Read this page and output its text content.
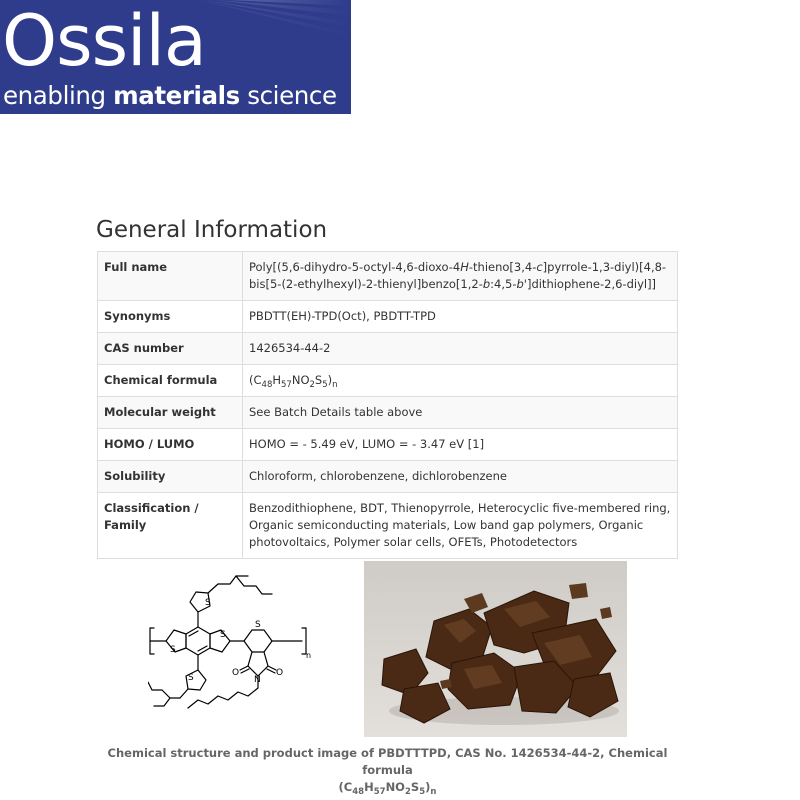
Ossila
enabling materials science
General Information
Full name	Poly[(5,6-dihydro-5-octyl-4,6-dioxo-4H-thieno[3,4-c]pyrrole-1,3-diyl)[4,8-bis[5-(2-ethylhexyl)-2-thienyl]benzo[1,2-b:4,5-b']dithiophene-2,6-diyl]]
Synonyms	PBDTT(EH)-TPD(Oct), PBDTT-TPD
CAS number	1426534-44-2
Chemical formula	$(C_{48}H_{57}NO_2S_5)_n$
Molecular weight	See Batch Details table above
HOMO / LUMO	HOMO = - 5.49 eV, LUMO = - 3.47 eV [1]
Solubility	Chloroform, chlorobenzene, dichlorobenzene
Classification / Family	Benzodithiophene, BDT, Thienopyrrole, Heterocyclic five-membered ring, Organic semiconducting materials, Low band gap polymers, Organic photovoltaics, Polymer solar cells, OFETs, Photodetectors
S
S
S
S
S
O	O
N
n

Chemical structure and product image of PBDTTTPD, CAS No. 1426534-44-2, Chemical formula
$(C_{48}H_{57}NO_2S_5)_n$
